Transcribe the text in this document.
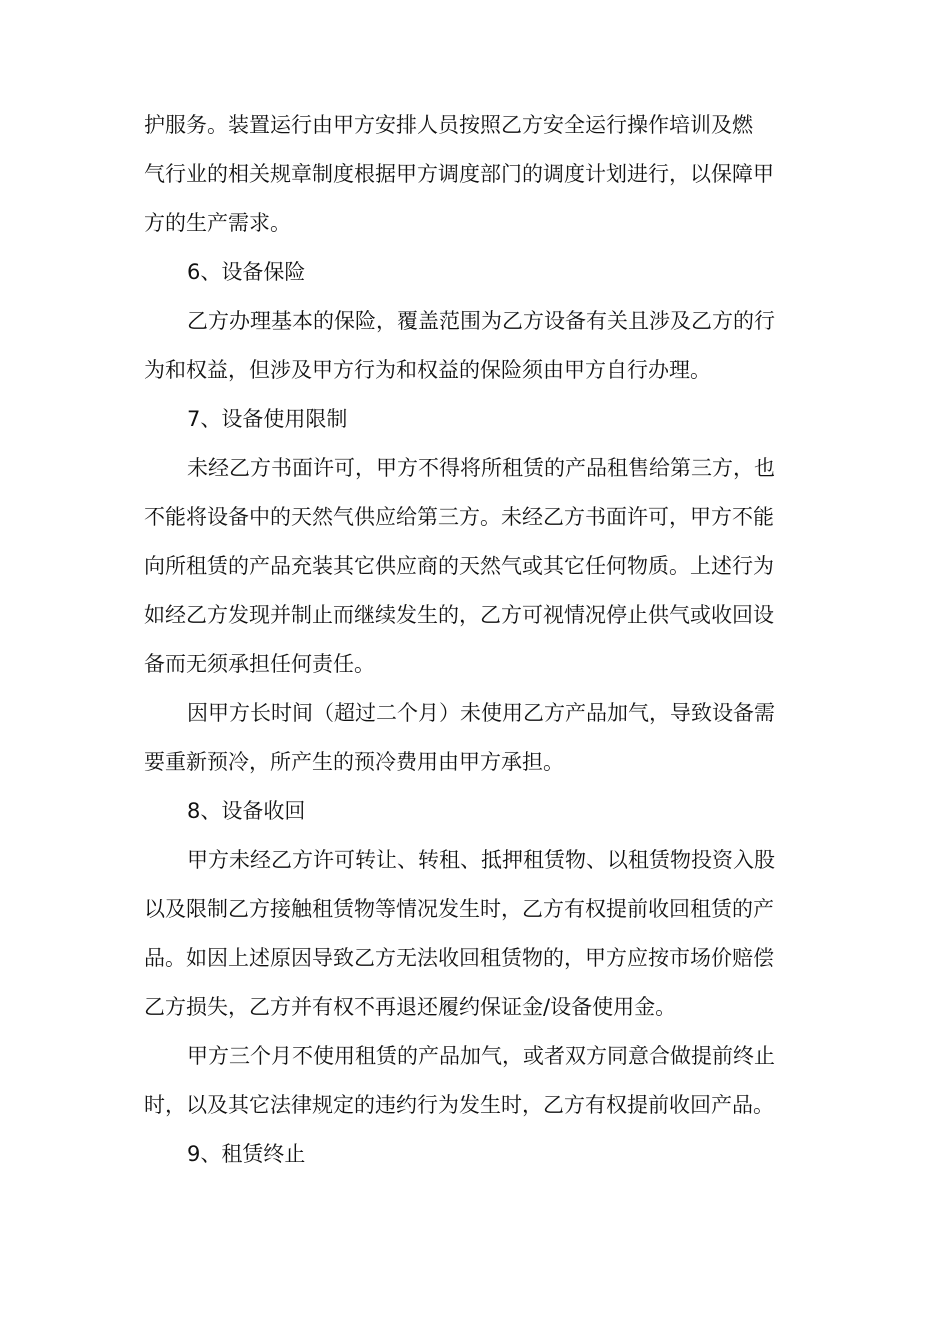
护服务。装置运行由甲方安排人员按照乙方安全运行操作培训及燃
气行业的相关规章制度根据甲方调度部门的调度计划进行，以保障甲
方的生产需求。
6、设备保险
乙方办理基本的保险，覆盖范围为乙方设备有关且涉及乙方的行
为和权益，但涉及甲方行为和权益的保险须由甲方自行办理。
7、设备使用限制
未经乙方书面许可，甲方不得将所租赁的产品租售给第三方，也
不能将设备中的天然气供应给第三方。未经乙方书面许可，甲方不能
向所租赁的产品充装其它供应商的天然气或其它任何物质。上述行为
如经乙方发现并制止而继续发生的，乙方可视情况停止供气或收回设
备而无须承担任何责任。
因甲方长时间（超过二个月）未使用乙方产品加气，导致设备需
要重新预冷，所产生的预冷费用由甲方承担。
8、设备收回
甲方未经乙方许可转让、转租、抵押租赁物、以租赁物投资入股
以及限制乙方接触租赁物等情况发生时，乙方有权提前收回租赁的产
品。如因上述原因导致乙方无法收回租赁物的，甲方应按市场价赔偿
乙方损失，乙方并有权不再退还履约保证金/设备使用金。
甲方三个月不使用租赁的产品加气，或者双方同意合做提前终止
时，以及其它法律规定的违约行为发生时，乙方有权提前收回产品。
9、租赁终止
